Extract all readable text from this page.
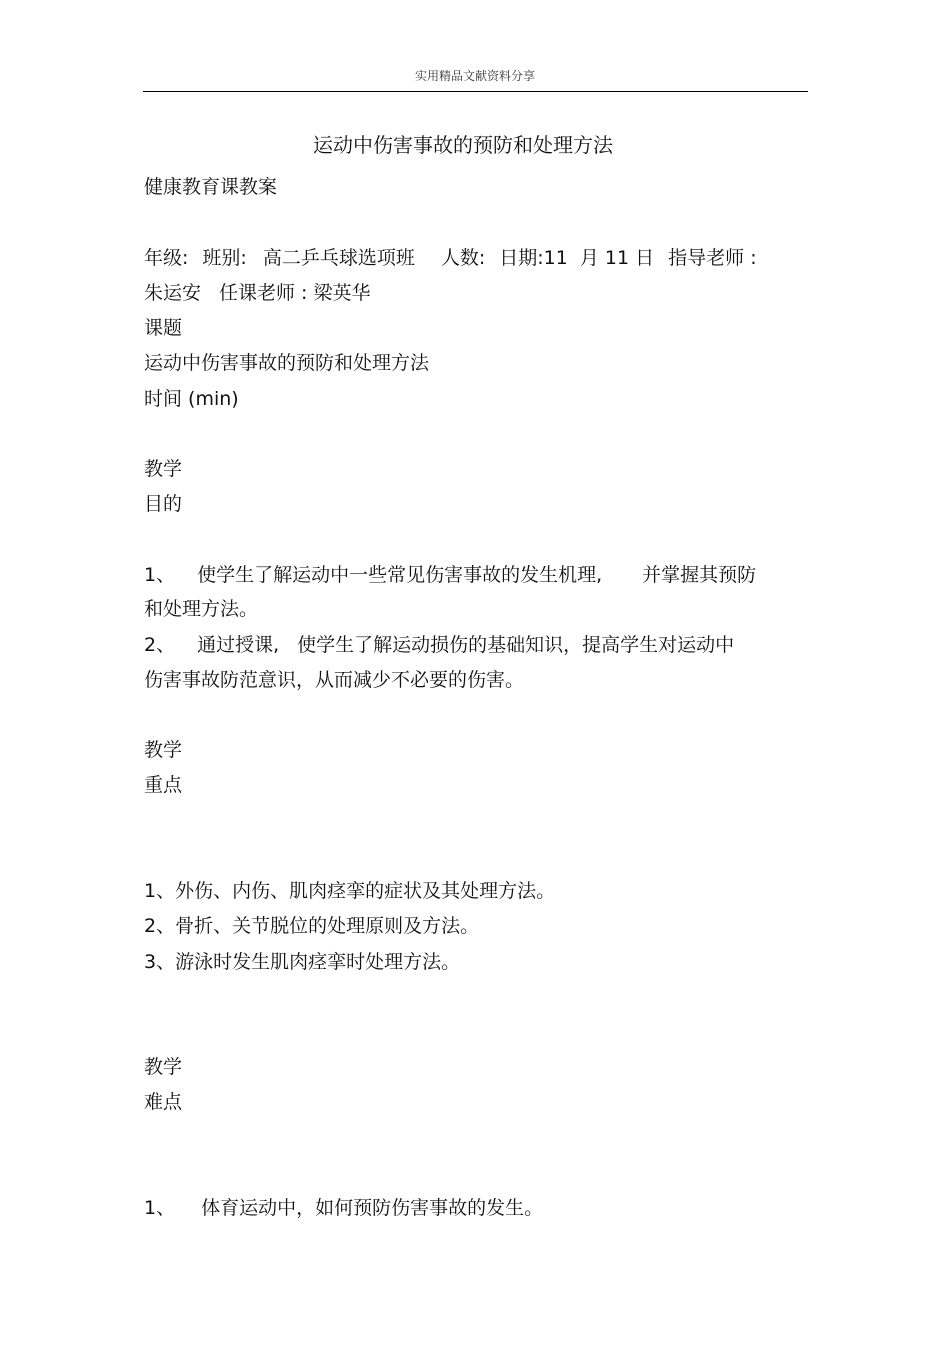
实用精品文献资料分享
运动中伤害事故的预防和处理方法
健康教育课教案
年级: 班别: 高二乒乓球选项班 人数: 日期:11  月 11 日 指导老师 :
朱运安 任课老师 : 梁英华
课题
运动中伤害事故的预防和处理方法
时间 (min)
教学
目的
1、 使学生了解运动中一些常见伤害事故的发生机理, 并掌握其预防
和处理方法。
2、 通过授课, 使学生了解运动损伤的基础知识，提高学生对运动中
伤害事故防范意识，从而减少不必要的伤害。
教学
重点
1、外伤、内伤、肌肉痉挛的症状及其处理方法。
2、骨折、关节脱位的处理原则及方法。
3、游泳时发生肌肉痉挛时处理方法。
教学
难点
1、 体育运动中，如何预防伤害事故的发生。
